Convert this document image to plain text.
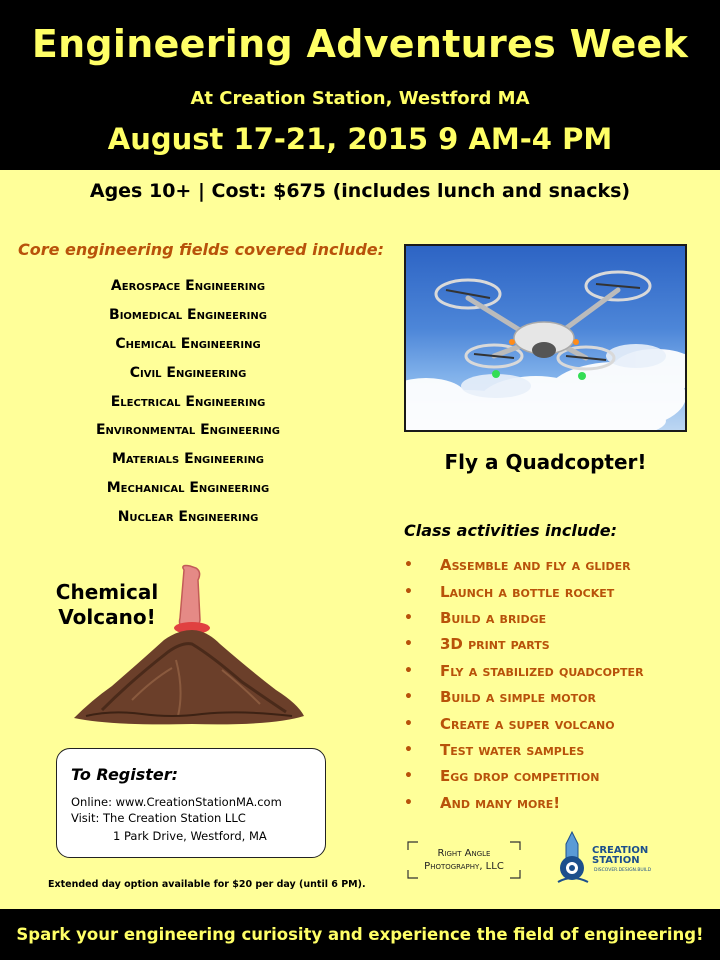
Engineering Adventures Week
At Creation Station, Westford MA
August 17-21, 2015 9 AM-4 PM
Ages 10+ | Cost: $675 (includes lunch and snacks)
Core engineering fields covered include:
Aerospace Engineering
Biomedical Engineering
Chemical Engineering
Civil Engineering
Electrical Engineering
Environmental Engineering
Materials Engineering
Mechanical Engineering
Nuclear Engineering
Fly a Quadcopter!
Class activities include:
•	Assemble and fly a glider
•	Launch a bottle rocket
•	Build a bridge
•	3D print parts
•	Fly a stabilized quadcopter
•	Build a simple motor
•	Create a super volcano
•	Test water samples
•	Egg drop competition
•	And many more!
Chemical
Volcano!
To Register:
Online: www.CreationStationMA.com
Visit: The Creation Station LLC
1 Park Drive, Westford, MA
Extended day option available for $20 per day (until 6 PM).
Right Angle
Photography, LLC
CREATION
STATION
DISCOVER.DESIGN.BUILD
Spark your engineering curiosity and experience the field of engineering!
